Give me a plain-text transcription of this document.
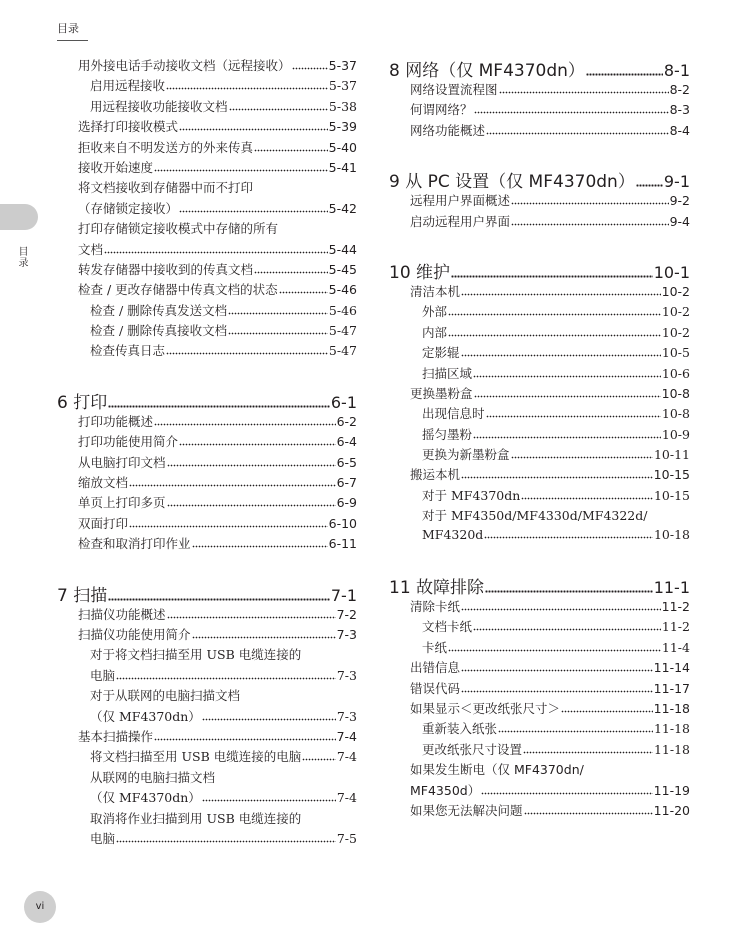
目录
目录
用外接电话手动接收文档（远程接收）	5-37
启用远程接收	5-37
用远程接收功能接收文档	5-38
选择打印接收模式	5-39
拒收来自不明发送方的外来传真	5-40
接收开始速度	5-41
将文档接收到存储器中而不打印
（存储锁定接收）	5-42
打印存储锁定接收模式中存储的所有
文档	5-44
转发存储器中接收到的传真文档	5-45
检查 / 更改存储器中传真文档的状态	5-46
检查 / 删除传真发送文档	5-46
检查 / 删除传真接收文档	5-47
检查传真日志	5-47
6 打印	6-1
打印功能概述	6-2
打印功能使用简介	6-4
从电脑打印文档	6-5
缩放文档	6-7
单页上打印多页	6-9
双面打印	6-10
检查和取消打印作业	6-11
7 扫描	7-1
扫描仪功能概述	7-2
扫描仪功能使用简介	7-3
对于将文档扫描至用 USB 电缆连接的
电脑	7-3
对于从联网的电脑扫描文档
（仅 MF4370dn）	7-3
基本扫描操作	7-4
将文档扫描至用 USB 电缆连接的电脑	7-4
从联网的电脑扫描文档
（仅 MF4370dn）	7-4
取消将作业扫描到用 USB 电缆连接的
电脑	7-5
8 网络（仅 MF4370dn）	8-1
网络设置流程图	8-2
何谓网络？	8-3
网络功能概述	8-4
9 从 PC 设置（仅 MF4370dn） 9-1
远程用户界面概述	9-2
启动远程用户界面	9-4
10 维护	10-1
清洁本机	10-2
外部	10-2
内部	10-2
定影辊	10-5
扫描区域	10-6
更换墨粉盒	10-8
出现信息时	10-8
摇匀墨粉	10-9
更换为新墨粉盒	10-11
搬运本机	10-15
对于 MF4370dn	10-15
对于 MF4350d/MF4330d/MF4322d/
MF4320d	10-18
11 故障排除	11-1
清除卡纸	11-2
文档卡纸	11-2
卡纸	11-4
出错信息	11-14
错误代码	11-17
如果显示＜更改纸张尺寸＞	11-18
重新装入纸张	11-18
更改纸张尺寸设置	11-18
如果发生断电（仅 MF4370dn/
MF4350d）	11-19
如果您无法解决问题	11-20
vi
